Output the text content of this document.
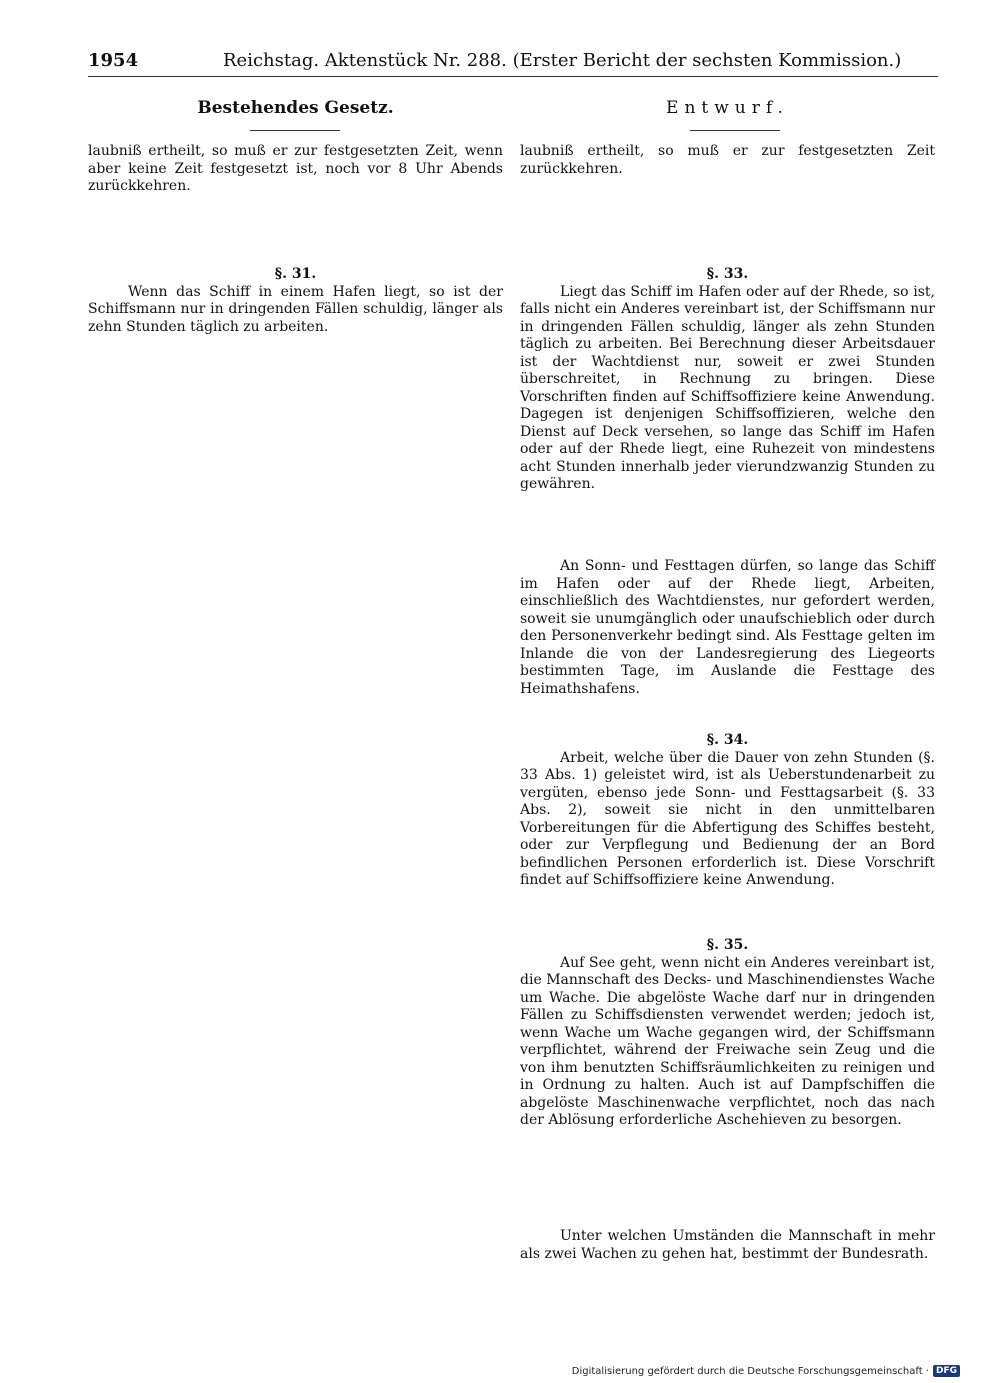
1954	Reichstag. Aktenstück Nr. 288. (Erster Bericht der sechsten Kommission.)
Bestehendes Gesetz.	Entwurf.

laubniß ertheilt, so muß er zur festgesetzten Zeit, wenn aber keine Zeit festgesetzt ist, noch vor 8 Uhr Abends zurückkehren.

§. 31.

Wenn das Schiff in einem Hafen liegt, so ist der Schiffsmann nur in dringenden Fällen schuldig, länger als zehn Stunden täglich zu arbeiten.

laubniß ertheilt, so muß er zur festgesetzten Zeit zurückkehren.

§. 33.

Liegt das Schiff im Hafen oder auf der Rhede, so ist, falls nicht ein Anderes vereinbart ist, der Schiffsmann nur in dringenden Fällen schuldig, länger als zehn Stunden täglich zu arbeiten. Bei Berechnung dieser Arbeitsdauer ist der Wachtdienst nur, soweit er zwei Stunden überschreitet, in Rechnung zu bringen. Diese Vorschriften finden auf Schiffsoffiziere keine Anwendung. Dagegen ist denjenigen Schiffsoffizieren, welche den Dienst auf Deck versehen, so lange das Schiff im Hafen oder auf der Rhede liegt, eine Ruhezeit von mindestens acht Stunden innerhalb jeder vierundzwanzig Stunden zu gewähren.

An Sonn- und Festtagen dürfen, so lange das Schiff im Hafen oder auf der Rhede liegt, Arbeiten, einschließlich des Wachtdienstes, nur gefordert werden, soweit sie unumgänglich oder unaufschieblich oder durch den Personenverkehr bedingt sind. Als Festtage gelten im Inlande die von der Landesregierung des Liegeorts bestimmten Tage, im Auslande die Festtage des Heimathshafens.

§. 34.

Arbeit, welche über die Dauer von zehn Stunden (§. 33 Abs. 1) geleistet wird, ist als Ueberstundenarbeit zu vergüten, ebenso jede Sonn- und Festtagsarbeit (§. 33 Abs. 2), soweit sie nicht in den unmittelbaren Vorbereitungen für die Abfertigung des Schiffes besteht, oder zur Verpflegung und Bedienung der an Bord befindlichen Personen erforderlich ist. Diese Vorschrift findet auf Schiffsoffiziere keine Anwendung.

§. 35.

Auf See geht, wenn nicht ein Anderes vereinbart ist, die Mannschaft des Decks- und Maschinendienstes Wache um Wache. Die abgelöste Wache darf nur in dringenden Fällen zu Schiffsdiensten verwendet werden; jedoch ist, wenn Wache um Wache gegangen wird, der Schiffsmann verpflichtet, während der Freiwache sein Zeug und die von ihm benutzten Schiffsräumlichkeiten zu reinigen und in Ordnung zu halten. Auch ist auf Dampfschiffen die abgelöste Maschinenwache verpflichtet, noch das nach der Ablösung erforderliche Aschehieven zu besorgen.

Unter welchen Umständen die Mannschaft in mehr als zwei Wachen zu gehen hat, bestimmt der Bundesrath.

Digitalisierung gefördert durch die Deutsche Forschungsgemeinschaft · DFG
